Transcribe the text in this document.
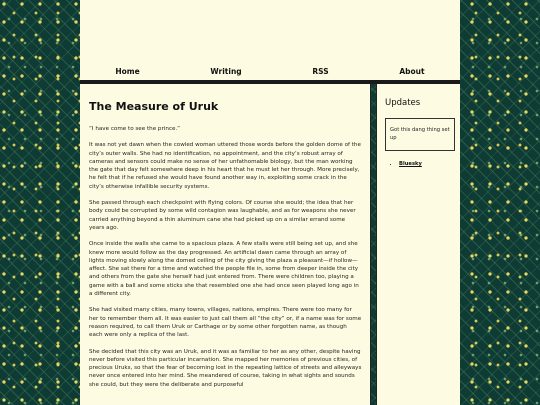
Home	Writing	RSS	About
The Measure of Uruk

“I have come to see the prince.”

It was not yet dawn when the cowled woman uttered those words before the golden dome of the city’s outer walls. She had no identification, no appointment, and the city’s robust array of cameras and sensors could make no sense of her unfathomable biology, but the man working the gate that day felt somewhere deep in his heart that he must let her through. More precisely, he felt that if he refused she would have found another way in, exploiting some crack in the city’s otherwise infallible security systems.

She passed through each checkpoint with flying colors. Of course she would; the idea that her body could be corrupted by some wild contagion was laughable, and as for weapons she never carried anything beyond a thin aluminum cane she had picked up on a similar errand some years ago.

Once inside the walls she came to a spacious plaza. A few stalls were still being set up, and she knew more would follow as the day progressed. An artificial dawn came through an array of lights moving slowly along the domed ceiling of the city giving the plaza a pleasant—if hollow—affect. She sat there for a time and watched the people file in, some from deeper inside the city and others from the gate she herself had just entered from. There were children too, playing a game with a ball and some sticks she that resembled one she had once seen played long ago in a different city.

She had visited many cities, many towns, villages, nations, empires. There were too many for her to remember them all. It was easier to just call them all “the city” or, if a name was for some reason required, to call them Uruk or Carthage or by some other forgotten name, as though each were only a replica of the last.

She decided that this city was an Uruk, and it was as familiar to her as any other, despite having never before visited this particular incarnation. She mapped her memories of previous cities, of precious Uruks, so that the fear of becoming lost in the repeating lattice of streets and alleyways never once entered into her mind. She meandered of course, taking in what sights and sounds she could, but they were the deliberate and purposeful

Updates
Got this dang thing set up
• Bluesky
